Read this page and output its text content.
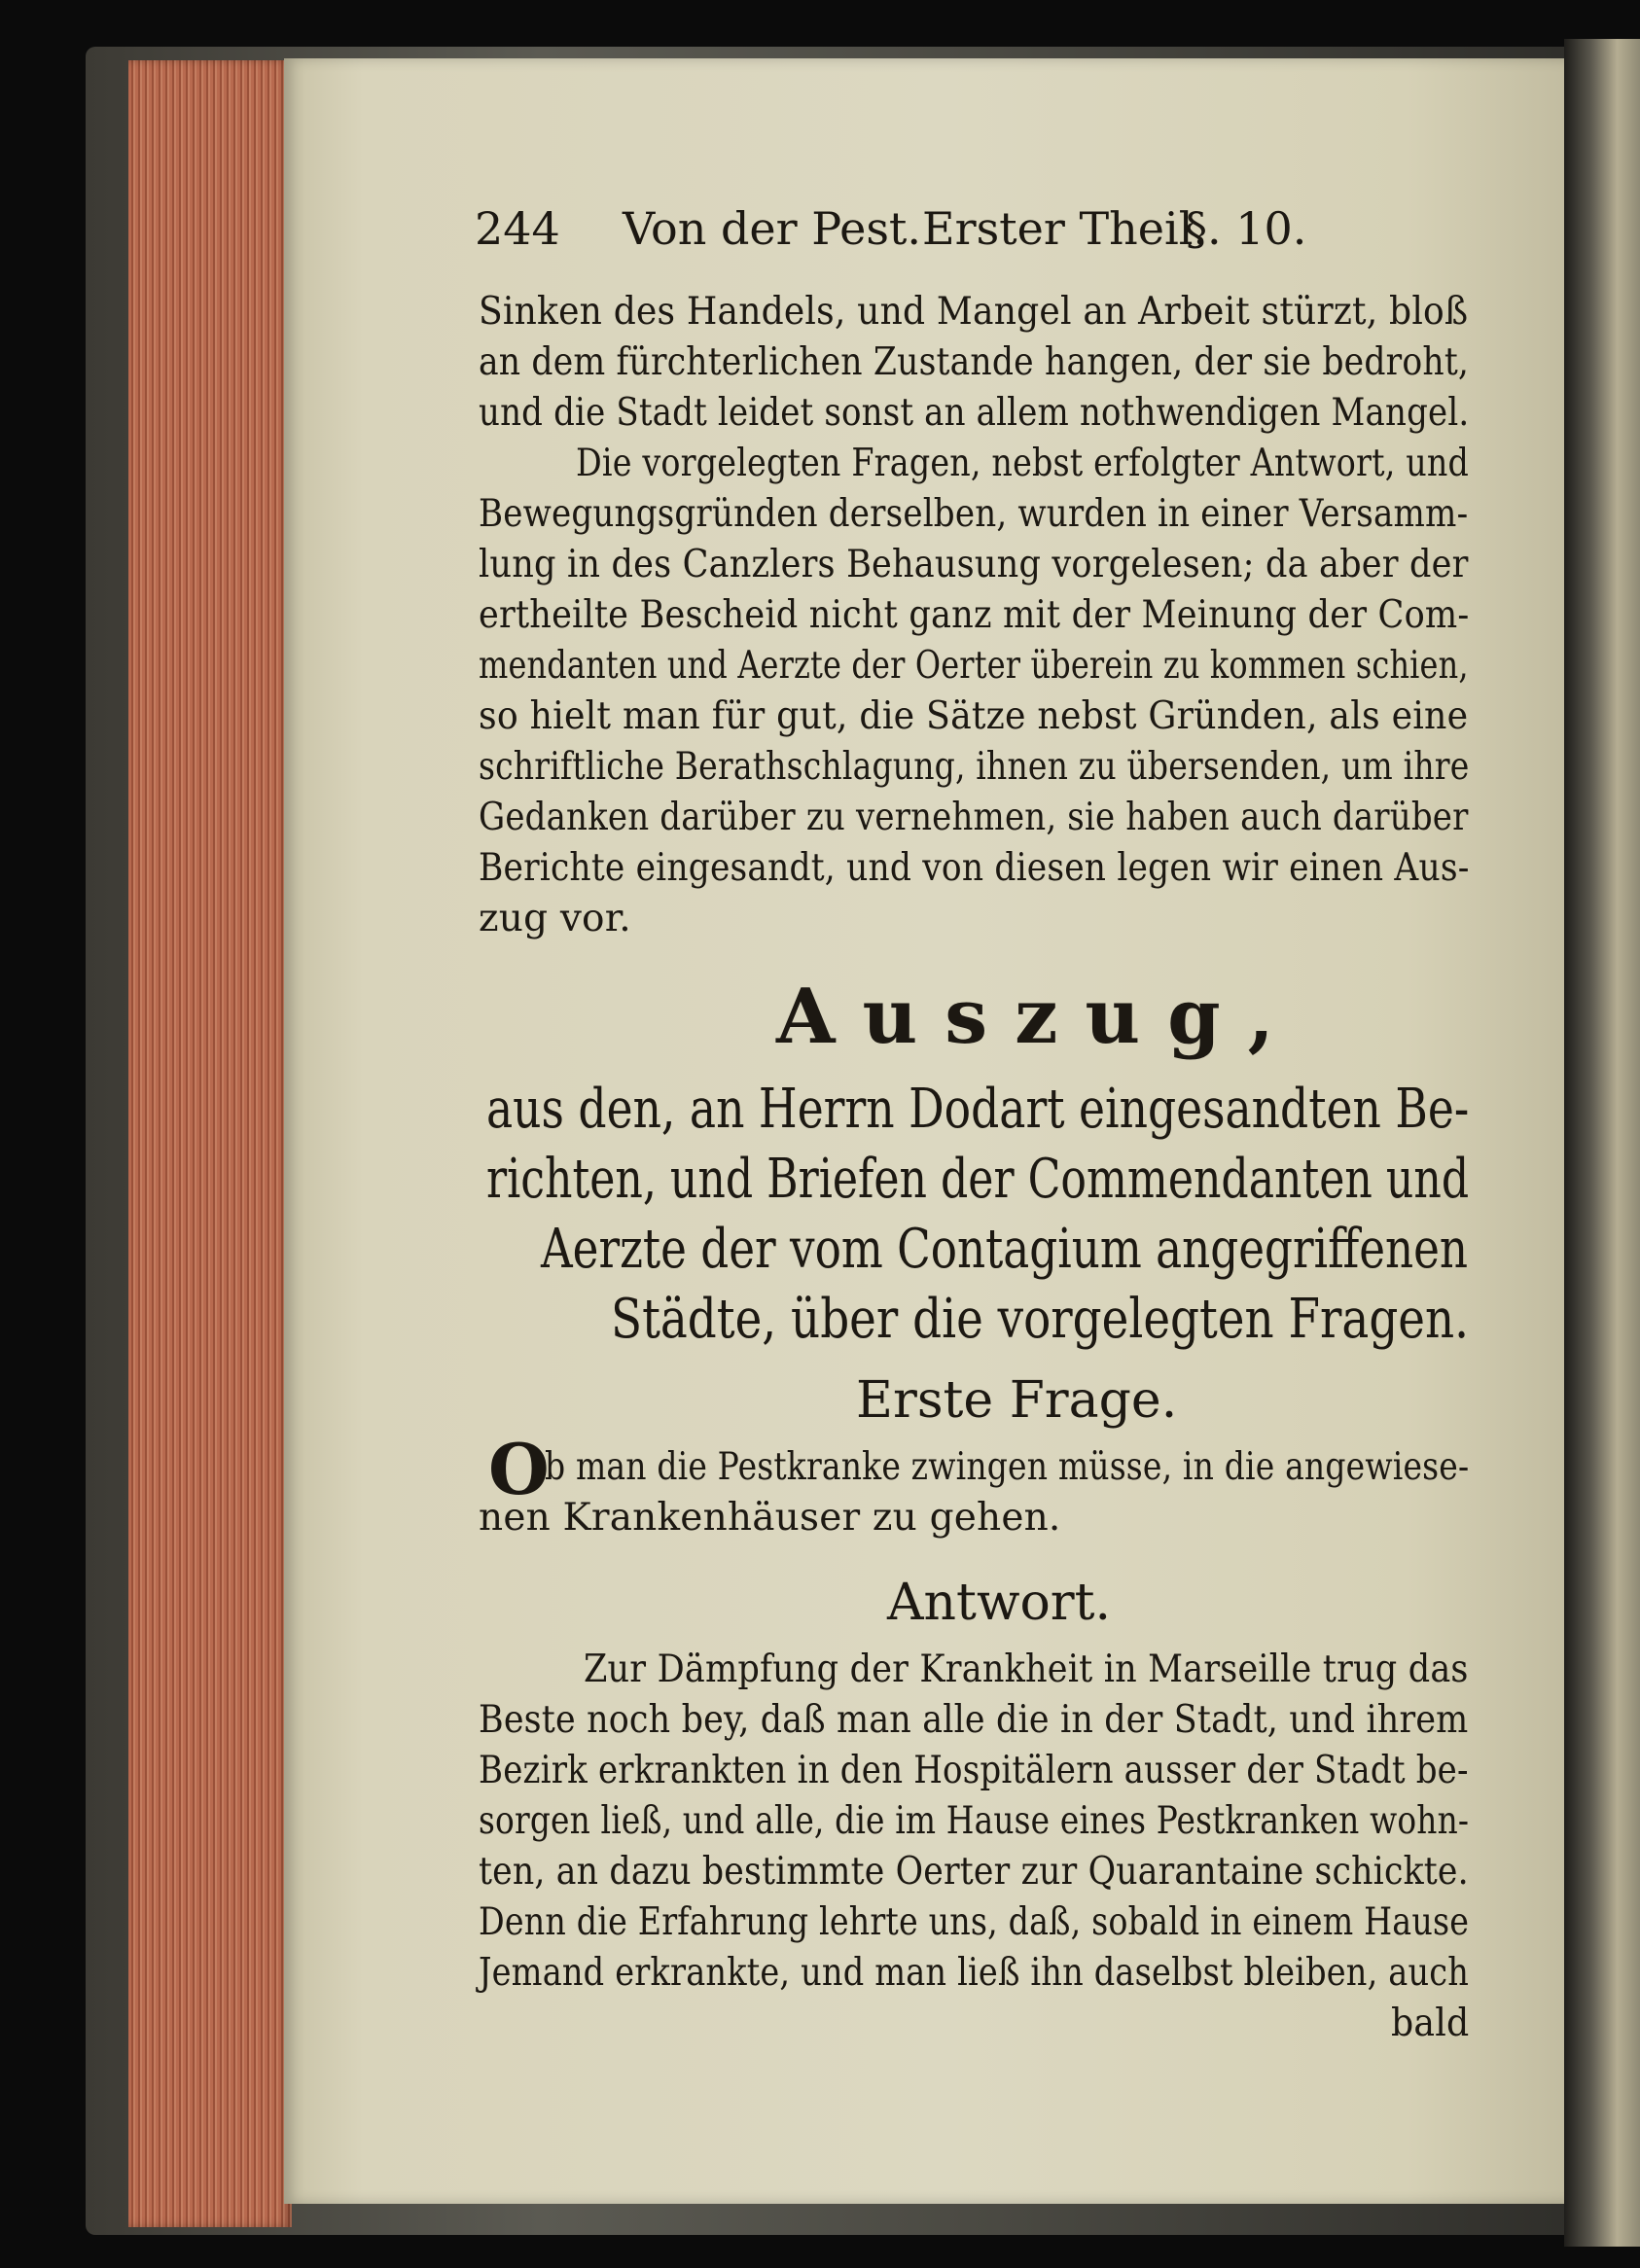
244 Von der Pest. Erster Theil.
§. 10.
Sinken des Handels, und Mangel an Arbeit stürzt, bloß
an dem fürchterlichen Zustande hangen, der sie bedroht,
und die Stadt leidet sonst an allem nothwendigen Mangel.
Die vorgelegten Fragen, nebst erfolgter Antwort, und
Bewegungsgründen derselben, wurden in einer Versamm-
lung in des Canzlers Behausung vorgelesen; da aber der
ertheilte Bescheid nicht ganz mit der Meinung der Com-
mendanten und Aerzte der Oerter überein zu kommen schien,
so hielt man für gut, die Sätze nebst Gründen, als eine
schriftliche Berathschlagung, ihnen zu übersenden, um ihre
Gedanken darüber zu vernehmen, sie haben auch darüber
Berichte eingesandt, und von diesen legen wir einen Aus-
zug vor.
Auszug,
aus den, an Herrn Dodart eingesandten Be-
richten, und Briefen der Commendanten und
Aerzte der vom Contagium angegriffenen
Städte, über die vorgelegten Fragen.
Erste Frage.
O
b man die Pestkranke zwingen müsse, in die angewiese-
nen Krankenhäuser zu gehen.
Antwort.
Zur Dämpfung der Krankheit in Marseille trug das
Beste noch bey, daß man alle die in der Stadt, und ihrem
Bezirk erkrankten in den Hospitälern ausser der Stadt be-
sorgen ließ, und alle, die im Hause eines Pestkranken wohn-
ten, an dazu bestimmte Oerter zur Quarantaine schickte.
Denn die Erfahrung lehrte uns, daß, sobald in einem Hause
Jemand erkrankte, und man ließ ihn daselbst bleiben, auch
bald
